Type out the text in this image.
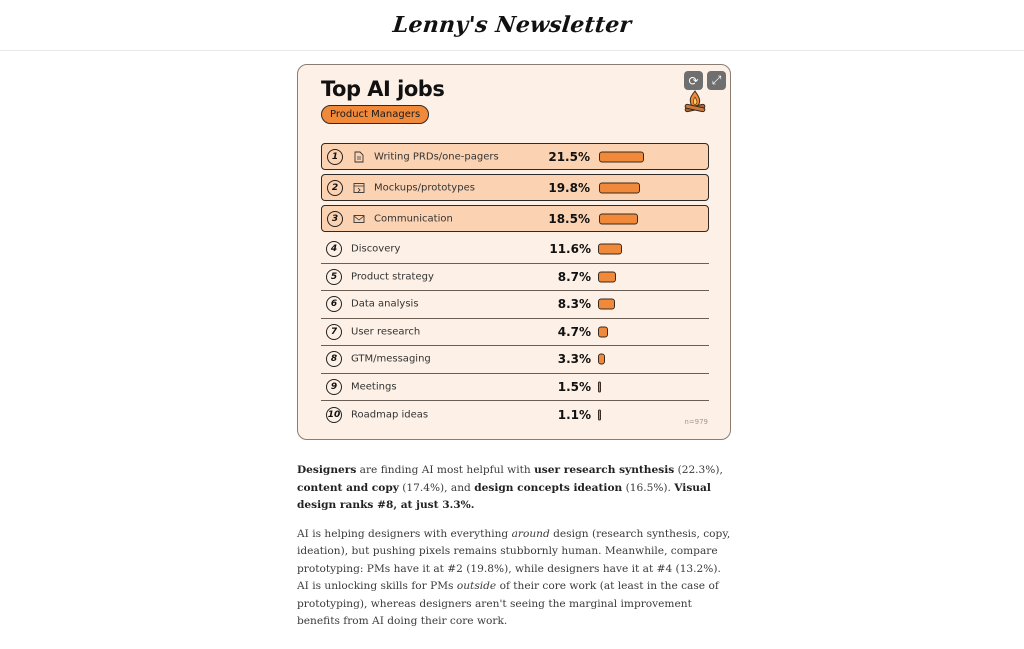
Lenny's Newsletter
Top AI jobs
Product Managers
⟳ ⤢
1	Writing PRDs/one-pagers	21.5%
2	Mockups/prototypes	19.8%
3	Communication	18.5%
4	Discovery	11.6%
5	Product strategy	8.7%
6	Data analysis	8.3%
7	User research	4.7%
8	GTM/messaging	3.3%
9	Meetings	1.5%
10 Roadmap ideas	1.1%
n=979

Designers are finding AI most helpful with user research synthesis (22.3%), content and copy (17.4%), and design concepts ideation (16.5%). Visual design ranks #8, at just 3.3%.

AI is helping designers with everything around design (research synthesis, copy, ideation), but pushing pixels remains stubbornly human. Meanwhile, compare prototyping: PMs have it at #2 (19.8%), while designers have it at #4 (13.2%). AI is unlocking skills for PMs outside of their core work (at least in the case of prototyping), whereas designers aren't seeing the marginal improvement benefits from AI doing their core work.
